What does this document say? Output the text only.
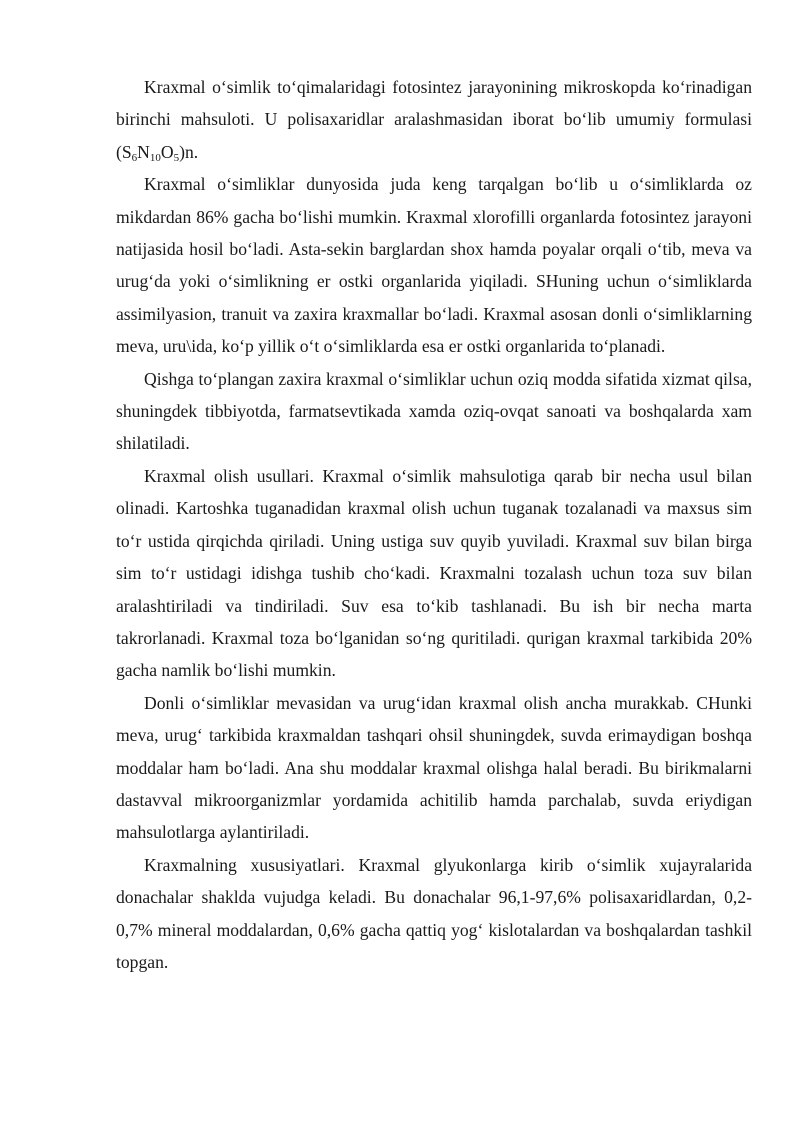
Kraxmal o‘simlik to‘qimalaridagi fotosintez jarayonining mikroskopda ko‘rinadigan birinchi mahsuloti. U polisaxaridlar aralashmasidan iborat bo‘lib umumiy formulasi (S6N10O5)n.

Kraxmal o‘simliklar dunyosida juda keng tarqalgan bo‘lib u o‘simliklarda oz mikdardan 86% gacha bo‘lishi mumkin. Kraxmal xlorofilli organlarda fotosintez jarayoni natijasida hosil bo‘ladi. Asta-sekin barglardan shox hamda poyalar orqali o‘tib, meva va urug‘da yoki o‘simlikning er ostki organlarida yiqiladi. SHuning uchun o‘simliklarda assimilyasion, tranuit va zaxira kraxmallar bo‘ladi. Kraxmal asosan donli o‘simliklarning meva, uru\ida, ko‘p yillik o‘t o‘simliklarda esa er ostki organlarida to‘planadi.

Qishga to‘plangan zaxira kraxmal o‘simliklar uchun oziq modda sifatida xizmat qilsa, shuningdek tibbiyotda, farmatsevtikada xamda oziq-ovqat sanoati va boshqalarda xam shilatiladi.

Kraxmal olish usullari. Kraxmal o‘simlik mahsulotiga qarab bir necha usul bilan olinadi. Kartoshka tuganadidan kraxmal olish uchun tuganak tozalanadi va maxsus sim to‘r ustida qirqichda qiriladi. Uning ustiga suv quyib yuviladi. Kraxmal suv bilan birga sim to‘r ustidagi idishga tushib cho‘kadi. Kraxmalni tozalash uchun toza suv bilan aralashtiriladi va tindiriladi. Suv esa to‘kib tashlanadi. Bu ish bir necha marta takrorlanadi. Kraxmal toza bo‘lganidan so‘ng quritiladi. qurigan kraxmal tarkibida 20% gacha namlik bo‘lishi mumkin.

Donli o‘simliklar mevasidan va urug‘idan kraxmal olish ancha murakkab. CHunki meva, urug‘ tarkibida kraxmaldan tashqari ohsil shuningdek, suvda erimaydigan boshqa moddalar ham bo‘ladi. Ana shu moddalar kraxmal olishga halal beradi. Bu birikmalarni dastavval mikroorganizmlar yordamida achitilib hamda parchalab, suvda eriydigan mahsulotlarga aylantiriladi.

Kraxmalning xususiyatlari. Kraxmal glyukonlarga kirib o‘simlik xujayralarida donachalar shaklda vujudga keladi. Bu donachalar 96,1-97,6% polisaxaridlardan, 0,2-0,7% mineral moddalardan, 0,6% gacha qattiq yog‘ kislotalardan va boshqalardan tashkil topgan.
